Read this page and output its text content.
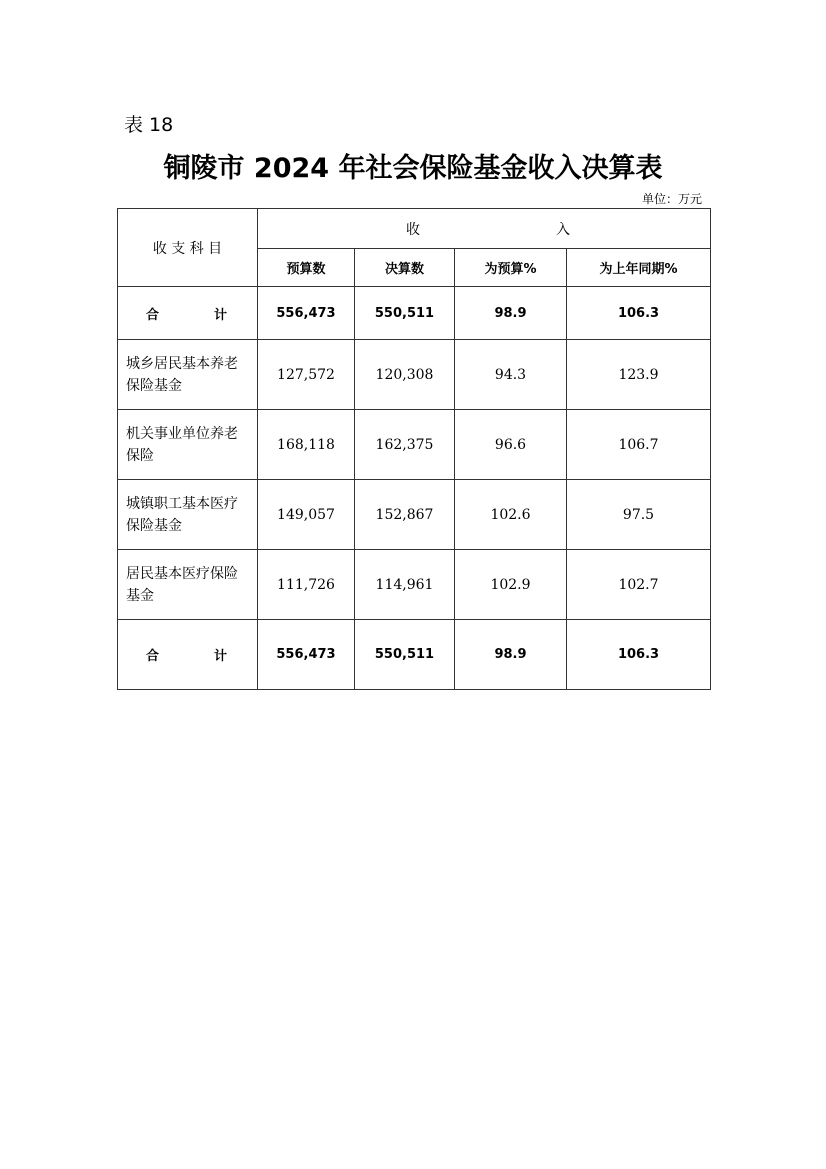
表 18
铜陵市 2024 年社会保险基金收入决算表
单位：万元
收 支 科 目	收 入			

	预算数	决算数	为预算%	为上年同期%

合 计	556,473	550,511	98.9	106.3
城乡居民基本养老保险基金	127,572	120,308	94.3	123.9
机关事业单位养老保险	168,118	162,375	96.6	106.7
城镇职工基本医疗保险基金	149,057	152,867	102.6	97.5
居民基本医疗保险基金	111,726	114,961	102.9	102.7

合 计	556,473	550,511	98.9	106.3
